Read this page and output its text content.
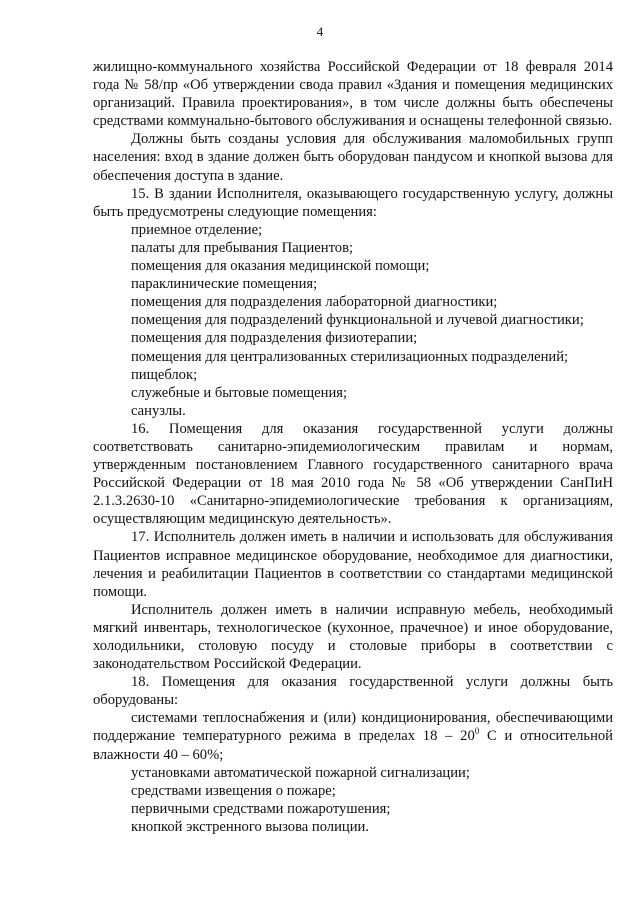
4

жилищно-коммунального хозяйства Российской Федерации от 18 февраля 2014 года № 58/пр «Об утверждении свода правил «Здания и помещения медицинских организаций. Правила проектирования», в том числе должны быть обеспечены средствами коммунально-бытового обслуживания и оснащены телефонной связью.

Должны быть созданы условия для обслуживания маломобильных групп населения: вход в здание должен быть оборудован пандусом и кнопкой вызова для обеспечения доступа в здание.

15. В здании Исполнителя, оказывающего государственную услугу, должны быть предусмотрены следующие помещения:

приемное отделение;
палаты для пребывания Пациентов;
помещения для оказания медицинской помощи;
параклинические помещения;
помещения для подразделения лабораторной диагностики;
помещения для подразделений функциональной и лучевой диагностики;
помещения для подразделения физиотерапии;
помещения для централизованных стерилизационных подразделений;
пищеблок;
служебные и бытовые помещения;
санузлы.

16. Помещения для оказания государственной услуги должны соответствовать санитарно-эпидемиологическим правилам и нормам, утвержденным постановлением Главного государственного санитарного врача Российской Федерации от 18 мая 2010 года № 58 «Об утверждении СанПиН 2.1.3.2630-10 «Санитарно-эпидемиологические требования к организациям, осуществляющим медицинскую деятельность».

17. Исполнитель должен иметь в наличии и использовать для обслуживания Пациентов исправное медицинское оборудование, необходимое для диагностики, лечения и реабилитации Пациентов в соответствии со стандартами медицинской помощи.

Исполнитель должен иметь в наличии исправную мебель, необходимый мягкий инвентарь, технологическое (кухонное, прачечное) и иное оборудование, холодильники, столовую посуду и столовые приборы в соответствии с законодательством Российской Федерации.

18. Помещения для оказания государственной услуги должны быть оборудованы:

системами теплоснабжения и (или) кондиционирования, обеспечивающими поддержание температурного режима в пределах $18 - 20^0$ С и относительной влажности 40 – 60%;
установками автоматической пожарной сигнализации;
средствами извещения о пожаре;
первичными средствами пожаротушения;
кнопкой экстренного вызова полиции.
